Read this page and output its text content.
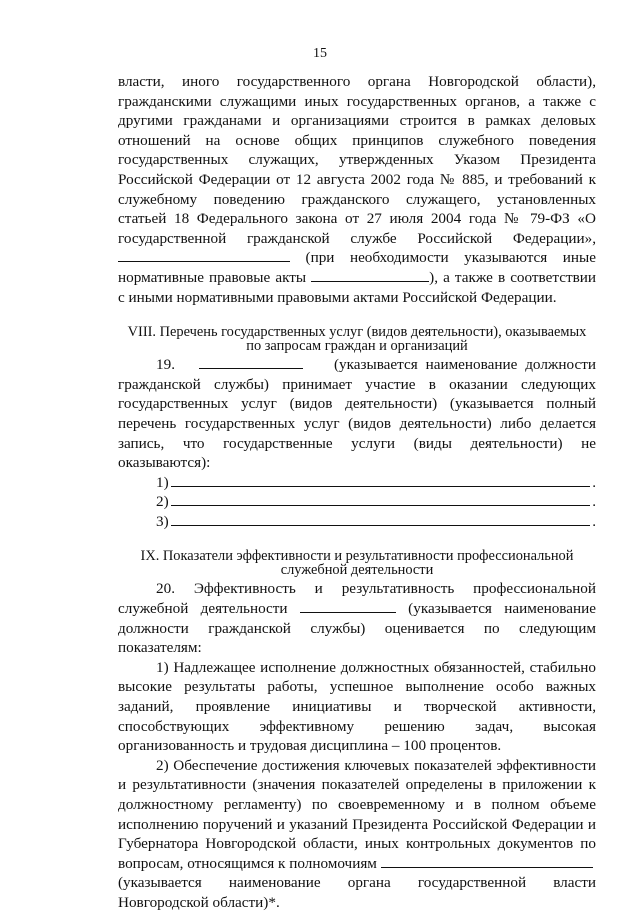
15

власти, иного государственного органа Новгородской области), гражданскими служащими иных государственных органов, а также с другими гражданами и организациями строится в рамках деловых отношений на основе общих принципов служебного поведения государственных служащих, утвержденных Указом Президента Российской Федерации от 12 августа 2002 года № 885, и требований к служебному поведению гражданского служащего, установленных статьей 18 Федерального закона от 27 июля 2004 года № 79-ФЗ «О государственной гражданской службе Российской Федерации»,  (при необходимости указываются иные нормативные правовые акты	), а также в соответствии с иными нормативными правовыми актами Российской Федерации.

VIII. Перечень государственных услуг (видов деятельности), оказываемых
по запросам граждан и организаций

19.	(указывается наименование должности гражданской службы) принимает участие в оказании следующих государственных услуг (видов деятельности) (указывается полный перечень государственных услуг (видов деятельности) либо делается запись, что государственные услуги (виды деятельности) не оказываются):

1)	.
2)	.
3)	.
IX. Показатели эффективности и результативности профессиональной
служебной деятельности

20. Эффективность и результативность профессиональной служебной деятельности	(указывается наименование должности гражданской службы) оценивается по следующим показателям:

1) Надлежащее исполнение должностных обязанностей, стабильно высокие результаты работы, успешное выполнение особо важных заданий, проявление инициативы и творческой активности, способствующих эффективному решению задач, высокая организованность и трудовая дисциплина – 100 процентов.

2) Обеспечение достижения ключевых показателей эффективности и результативности (значения показателей определены в приложении к должностному регламенту) по своевременному и в полном объеме исполнению поручений и указаний Президента Российской Федерации и Губернатора Новгородской области, иных контрольных документов по вопросам, относящимся к полномочиям

(указывается наименование органа государственной власти Новгородской области)*.
